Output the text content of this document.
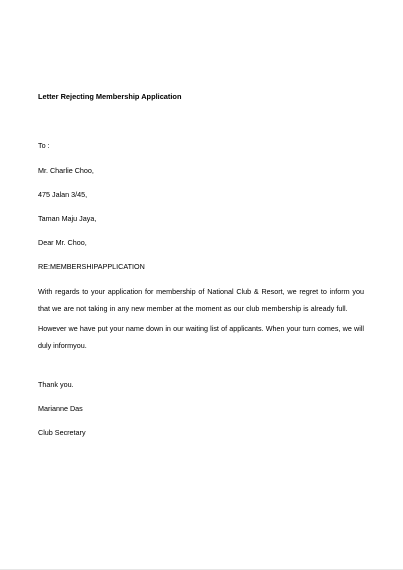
Letter Rejecting Membership Application
To :
Mr. Charlie Choo,
475 Jalan 3/45,
Taman Maju Jaya,
Dear Mr. Choo,
RE:MEMBERSHIPAPPLICATION
With regards to your application for membership of National Club & Resort, we regret to inform you that we are not taking in any new member at the moment as our club membership is already full.
However we have put your name down in our waiting list of applicants. When your turn comes, we will duly informyou.
Thank you.
Marianne Das
Club Secretary
